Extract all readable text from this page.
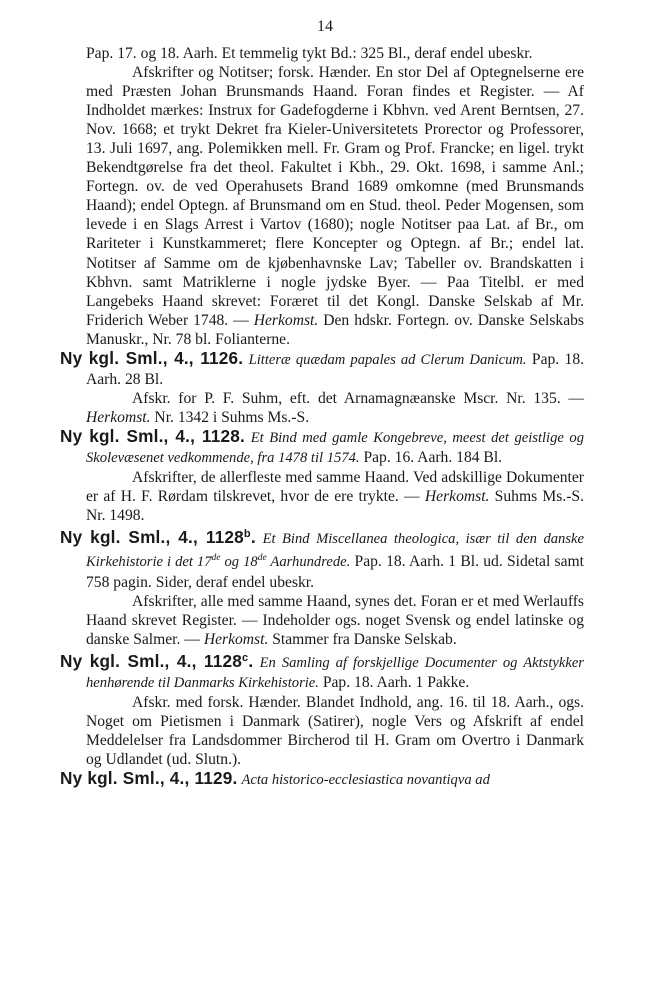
14

Pap. 17. og 18. Aarh. Et temmelig tykt Bd.: 325 Bl., deraf endel ubeskr.

Afskrifter og Notitser; forsk. Hænder. En stor Del af Optegnelserne ere med Præsten Johan Brunsmands Haand. Foran findes et Register. — Af Indholdet mærkes: Instrux for Gadefogderne i Kbhvn. ved Arent Berntsen, 27. Nov. 1668; et trykt Dekret fra Kieler-Universitetets Prorector og Professorer, 13. Juli 1697, ang. Polemikken mell. Fr. Gram og Prof. Francke; en ligel. trykt Bekendtgørelse fra det theol. Fakultet i Kbh., 29. Okt. 1698, i samme Anl.; Fortegn. ov. de ved Operahusets Brand 1689 omkomne (med Brunsmands Haand); endel Optegn. af Brunsmand om en Stud. theol. Peder Mogensen, som levede i en Slags Arrest i Vartov (1680); nogle Notitser paa Lat. af Br., om Rariteter i Kunstkammeret; flere Koncepter og Optegn. af Br.; endel lat. Notitser af Samme om de kjøbenhavnske Lav; Tabeller ov. Brandskatten i Kbhvn. samt Matriklerne i nogle jydske Byer. — Paa Titelbl. er med Langebeks Haand skrevet: Foræret til det Kongl. Danske Selskab af Mr. Friderich Weber 1748. — Herkomst. Den hdskr. Fortegn. ov. Danske Selskabs Manuskr., Nr. 78 bl. Folianterne.

Ny kgl. Sml., 4., 1126. Litteræ quædam papales ad Clerum Danicum. Pap. 18. Aarh. 28 Bl.

Afskr. for P. F. Suhm, eft. det Arnamagnæanske Mscr. Nr. 135. — Herkomst. Nr. 1342 i Suhms Ms.-S.

Ny kgl. Sml., 4., 1128. Et Bind med gamle Kongebreve, meest det geistlige og Skolevæsenet vedkommende, fra 1478 til 1574. Pap. 16. Aarh. 184 Bl.

Afskrifter, de allerfleste med samme Haand. Ved adskillige Dokumenter er af H. F. Rørdam tilskrevet, hvor de ere trykte. — Herkomst. Suhms Ms.-S. Nr. 1498.

Ny kgl. Sml., 4., 1128$^b$. Et Bind Miscellanea theologica, især til den danske Kirkehistorie i det 17de og 18de Aarhundrede. Pap. 18. Aarh. 1 Bl. ud. Sidetal samt 758 pagin. Sider, deraf endel ubeskr.

Afskrifter, alle med samme Haand, synes det. Foran er et med Werlauffs Haand skrevet Register. — Indeholder ogs. noget Svensk og endel latinske og danske Salmer. — Herkomst. Stammer fra Danske Selskab.

Ny kgl. Sml., 4., 1128$^c$. En Samling af forskjellige Documenter og Aktstykker henhørende til Danmarks Kirkehistorie. Pap. 18. Aarh. 1 Pakke.

Afskr. med forsk. Hænder. Blandet Indhold, ang. 16. til 18. Aarh., ogs. Noget om Pietismen i Danmark (Satirer), nogle Vers og Afskrift af endel Meddelelser fra Landsdommer Bircherod til H. Gram om Overtro i Danmark og Udlandet (ud. Slutn.).

Ny kgl. Sml., 4., 1129. Acta historico-ecclesiastica novantiqva ad
